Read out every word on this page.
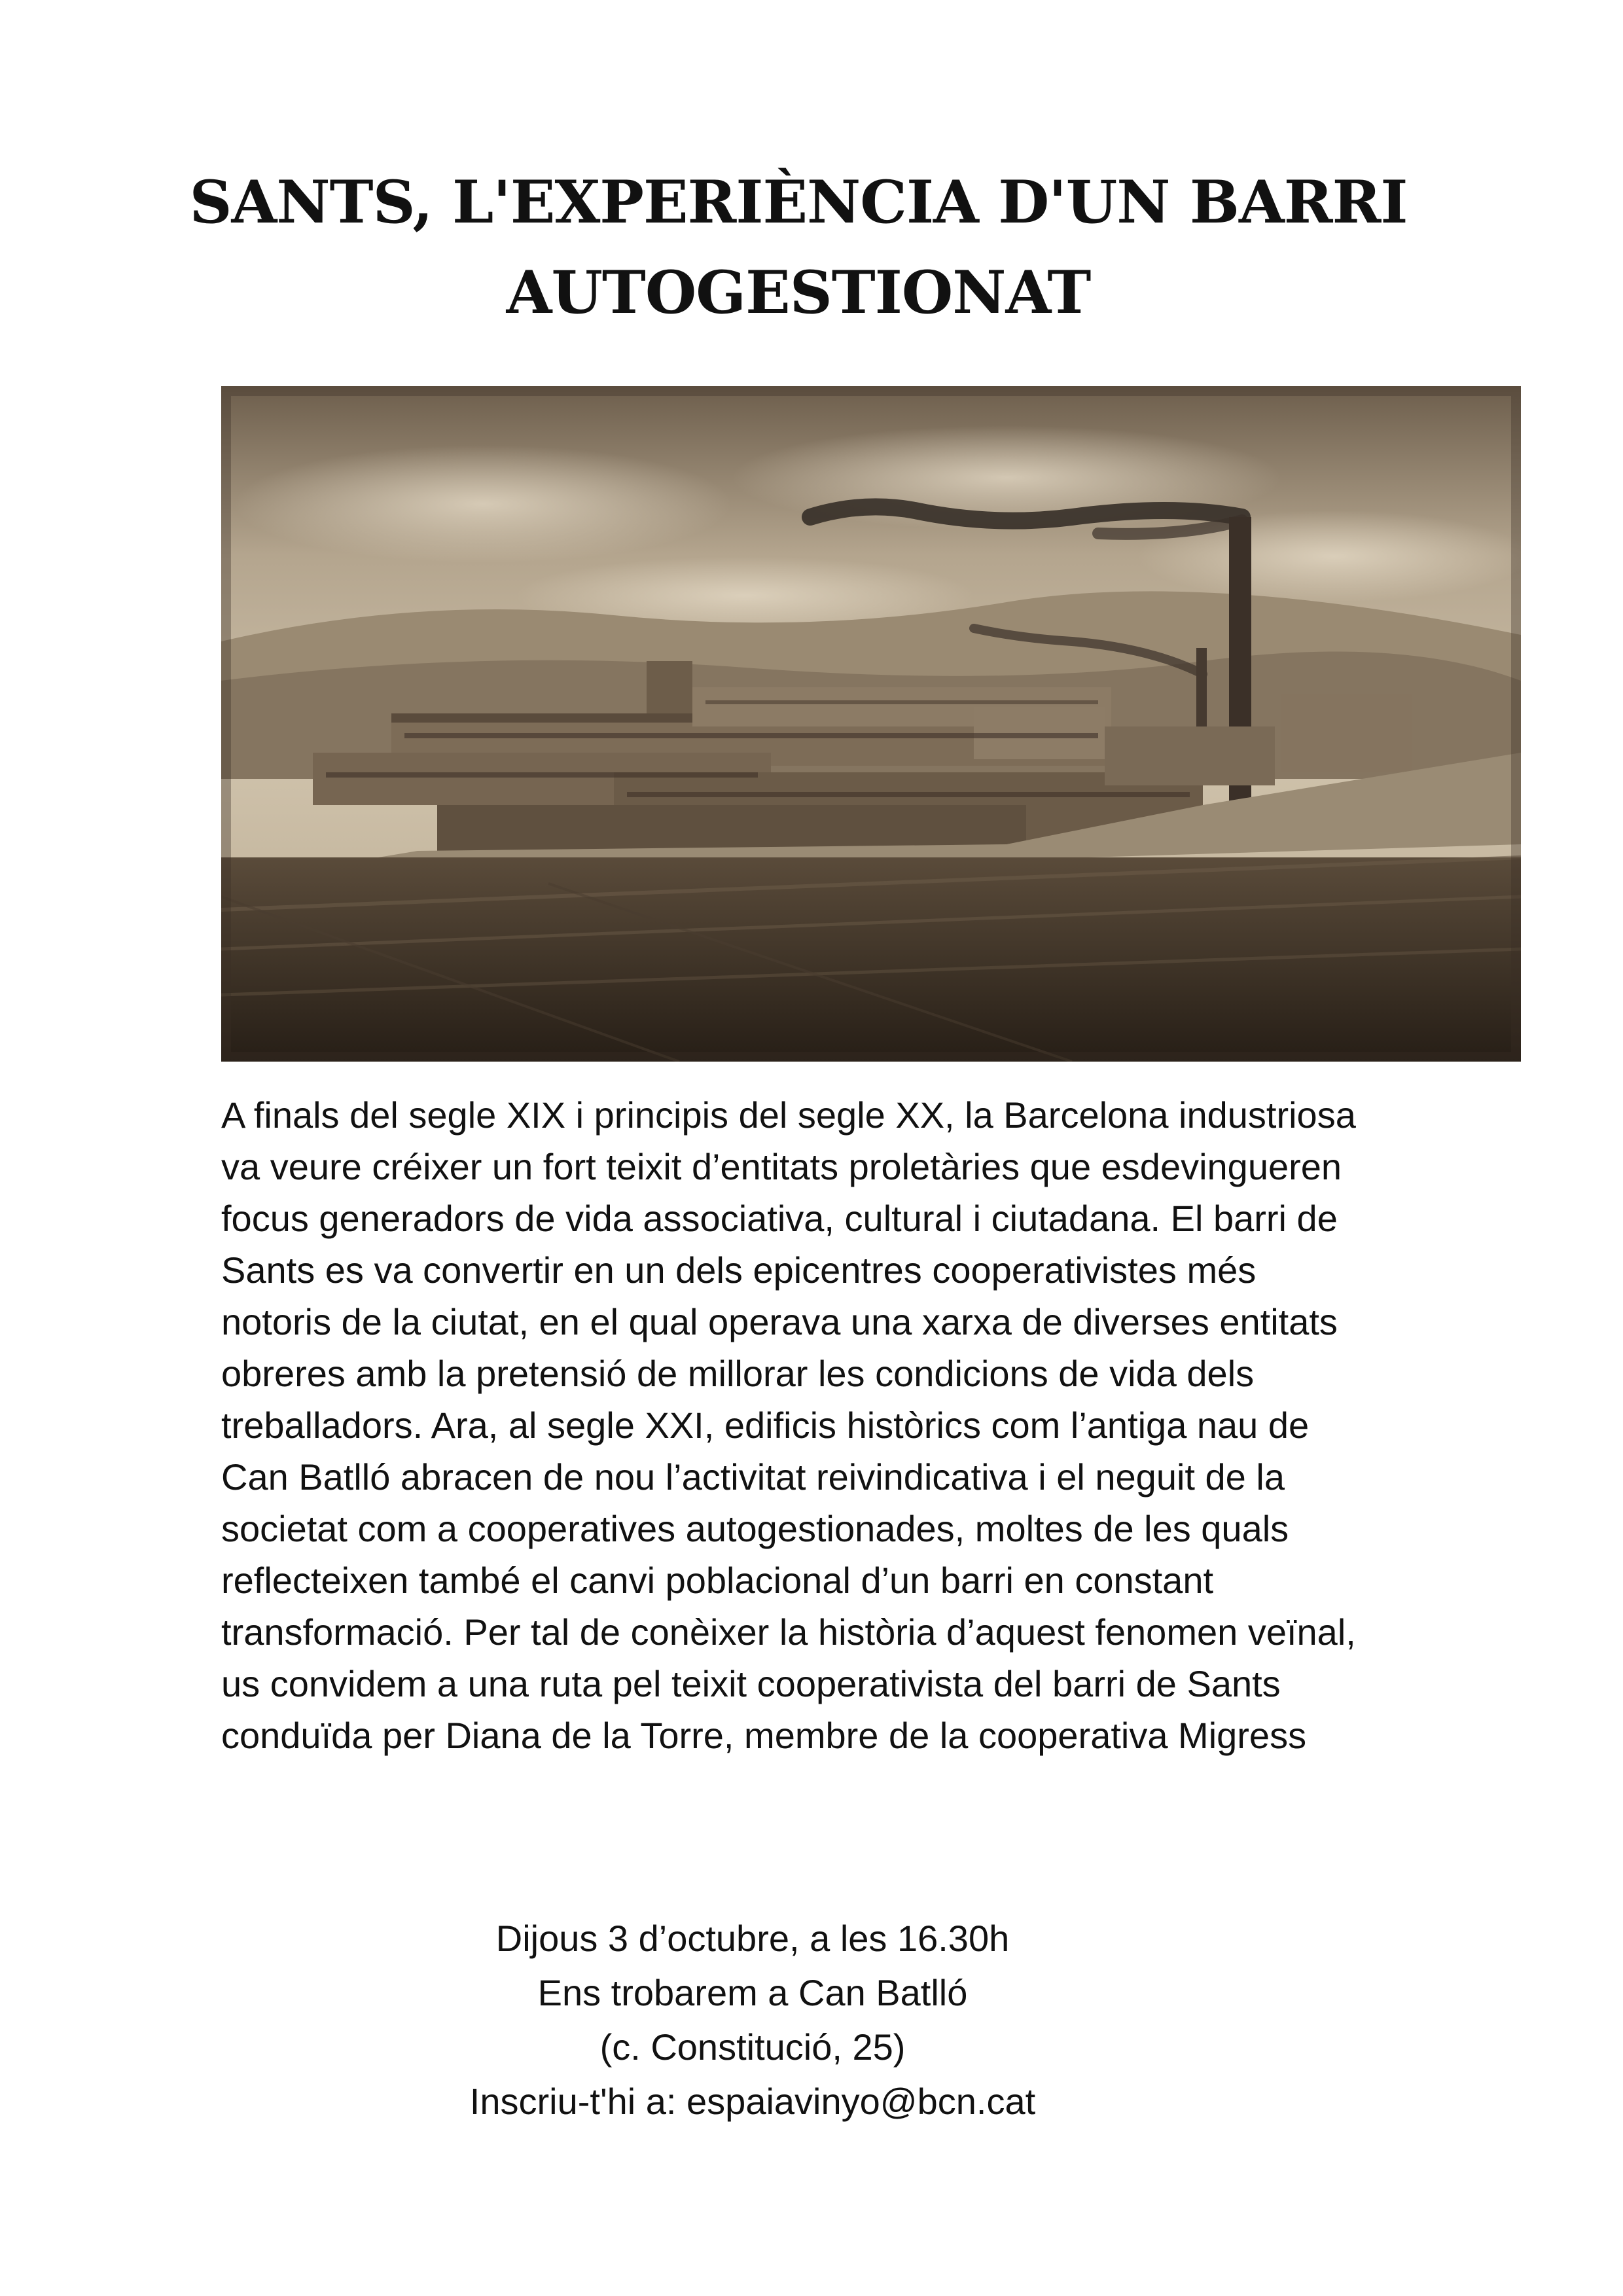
SANTS, L'EXPERIÈNCIA D'UN BARRI
AUTOGESTIONAT

A finals del segle XIX i principis del segle XX, la Barcelona industriosa
va veure créixer un fort teixit d’entitats proletàries que esdevingueren
focus generadors de vida associativa, cultural i ciutadana. El barri de
Sants es va convertir en un dels epicentres cooperativistes més
notoris de la ciutat, en el qual operava una xarxa de diverses entitats
obreres amb la pretensió de millorar les condicions de vida dels
treballadors. Ara, al segle XXI, edificis històrics com l’antiga nau de
Can Batlló abracen de nou l’activitat reivindicativa i el neguit de la
societat com a cooperatives autogestionades, moltes de les quals
reflecteixen també el canvi poblacional d’un barri en constant
transformació. Per tal de conèixer la història d’aquest fenomen veïnal,
us convidem a una ruta pel teixit cooperativista del barri de Sants
conduïda per Diana de la Torre, membre de la cooperativa Migress

Dijous 3 d’octubre, a les 16.30h
Ens trobarem a Can Batlló
(c. Constitució, 25)
Inscriu-t'hi a: espaiavinyo@bcn.cat
